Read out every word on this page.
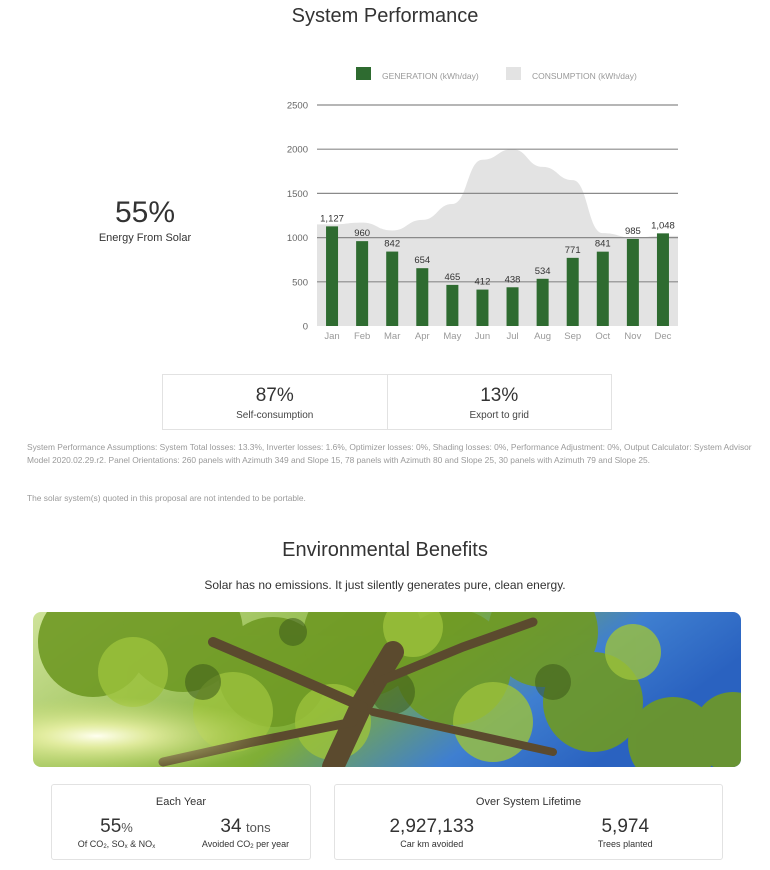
System Performance
55%
Energy From Solar
GENERATION (kWh/day)	CONSUMPTION (kWh/day)
1,127
960
842
654
465 412 438
534
771
841
985
1,048
0
500
1000
1500
2000
2500
Jan Feb Mar Apr May Jun Jul Aug Sep Oct Nov Dec
87%
Self-consumption
13%
Export to grid
System Performance Assumptions: System Total losses: 13.3%, Inverter losses: 1.6%, Optimizer losses: 0%, Shading losses: 0%, Performance Adjustment: 0%, Output Calculator: System Advisor Model 2020.02.29.r2. Panel Orientations: 260 panels with Azimuth 349 and Slope 15, 78 panels with Azimuth 80 and Slope 25, 30 panels with Azimuth 79 and Slope 25.
The solar system(s) quoted in this proposal are not intended to be portable.
Environmental Benefits
Solar has no emissions. It just silently generates pure, clean energy.
Each Year
55%
Of $CO_2$, $SO_x$ & $NO_x$
34 tons
Avoided $CO_2$ per year
Over System Lifetime
2,927,133
Car km avoided
5,974
Trees planted
